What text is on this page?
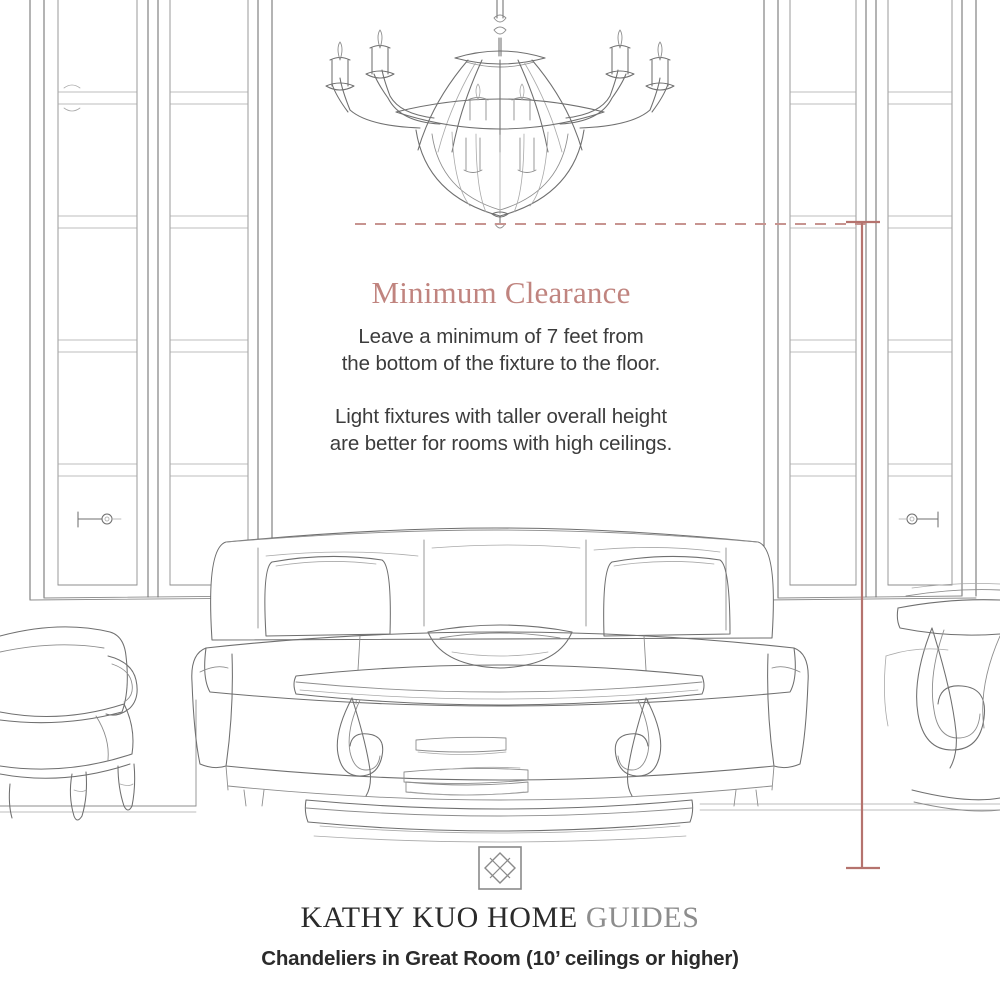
Minimum Clearance

Leave a minimum of 7 feet from
the bottom of the fixture to the floor.

Light fixtures with taller overall height
are better for rooms with high ceilings.

KATHY KUO HOME GUIDES
Chandeliers in Great Room (10’ ceilings or higher)
